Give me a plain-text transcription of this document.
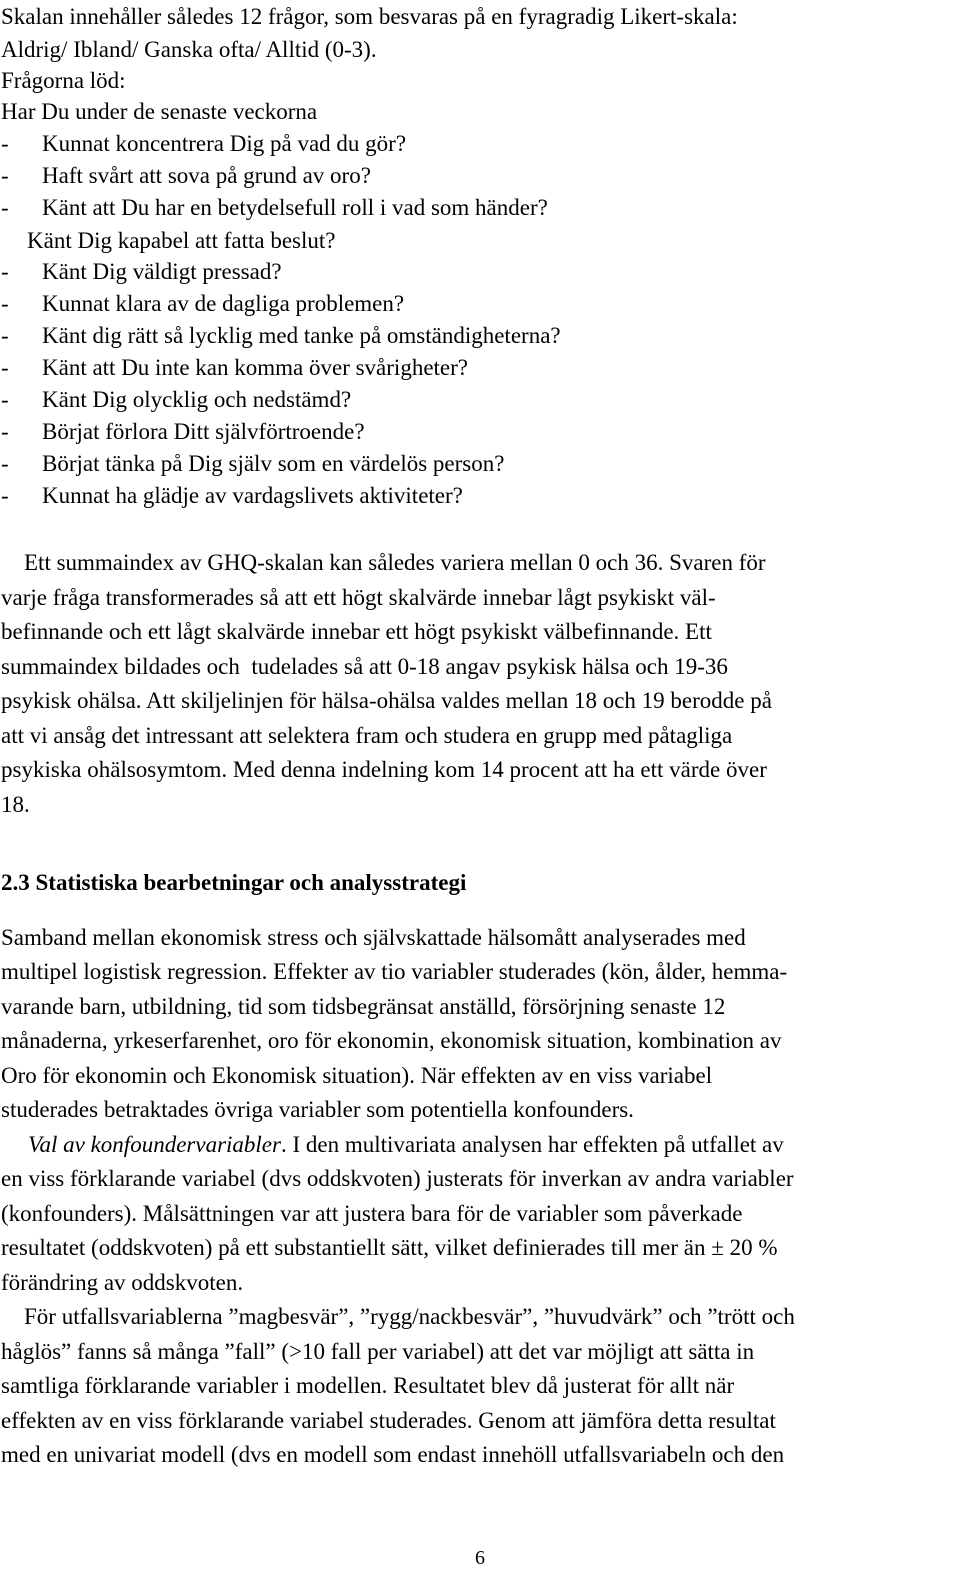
Skalan innehåller således 12 frågor, som besvaras på en fyragradig Likert-skala:
Aldrig/ Ibland/ Ganska ofta/ Alltid (0-3).
Frågorna löd:
Har Du under de senaste veckorna
- Kunnat koncentrera Dig på vad du gör?
- Haft svårt att sova på grund av oro?
- Känt att Du har en betydelsefull roll i vad som händer?
Känt Dig kapabel att fatta beslut?
- Känt Dig väldigt pressad?
- Kunnat klara av de dagliga problemen?
- Känt dig rätt så lycklig med tanke på omständigheterna?
- Känt att Du inte kan komma över svårigheter?
- Känt Dig olycklig och nedstämd?
- Börjat förlora Ditt självförtroende?
- Börjat tänka på Dig själv som en värdelös person?
- Kunnat ha glädje av vardagslivets aktiviteter?
Ett summaindex av GHQ-skalan kan således variera mellan 0 och 36. Svaren för
varje fråga transformerades så att ett högt skalvärde innebar lågt psykiskt väl-
befinnande och ett lågt skalvärde innebar ett högt psykiskt välbefinnande. Ett
summaindex bildades och  tudelades så att 0-18 angav psykisk hälsa och 19-36
psykisk ohälsa. Att skiljelinjen för hälsa-ohälsa valdes mellan 18 och 19 berodde på
att vi ansåg det intressant att selektera fram och studera en grupp med påtagliga
psykiska ohälsosymtom. Med denna indelning kom 14 procent att ha ett värde över
18.
2.3 Statistiska bearbetningar och analysstrategi
Samband mellan ekonomisk stress och självskattade hälsomått analyserades med
multipel logistisk regression. Effekter av tio variabler studerades (kön, ålder, hemma-
varande barn, utbildning, tid som tidsbegränsat anställd, försörjning senaste 12
månaderna, yrkeserfarenhet, oro för ekonomin, ekonomisk situation, kombination av
Oro för ekonomin och Ekonomisk situation). När effekten av en viss variabel
studerades betraktades övriga variabler som potentiella konfounders.
Val av konfoundervariabler. I den multivariata analysen har effekten på utfallet av
en viss förklarande variabel (dvs oddskvoten) justerats för inverkan av andra variabler
(konfounders). Målsättningen var att justera bara för de variabler som påverkade
resultatet (oddskvoten) på ett substantiellt sätt, vilket definierades till mer än ± 20 %
förändring av oddskvoten.
För utfallsvariablerna ”magbesvär”, ”rygg/nackbesvär”, ”huvudvärk” och ”trött och
håglös” fanns så många ”fall” (>10 fall per variabel) att det var möjligt att sätta in
samtliga förklarande variabler i modellen. Resultatet blev då justerat för allt när
effekten av en viss förklarande variabel studerades. Genom att jämföra detta resultat
med en univariat modell (dvs en modell som endast innehöll utfallsvariabeln och den
6
